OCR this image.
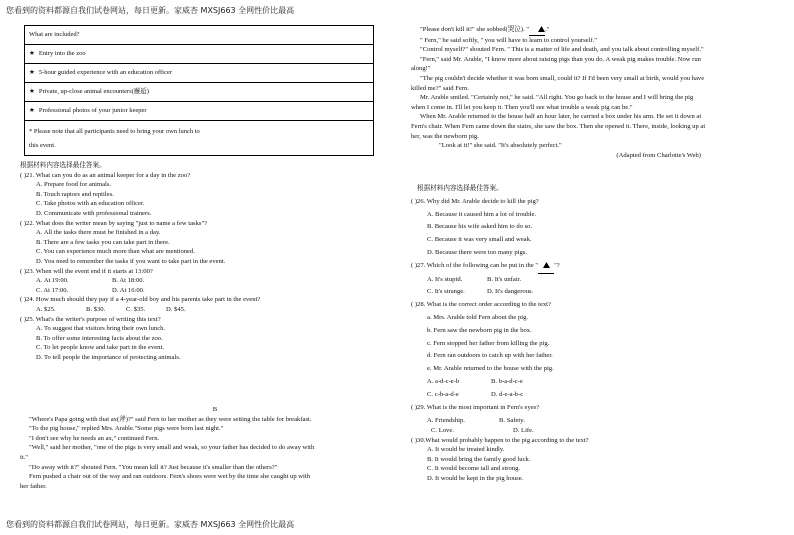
您看到的资料都源自我们试卷网站，每日更新。家威杏 MXSJ663 全网性价比最高
What are included?
★ Entry into the zoo
★ 5-hour guided experience with an education officer
★ Private, up-close animal encounters(邂逅)
★ Professional photos of your junior keeper
* Please note that all participants need to bring your own lunch to
this event.

根据材料内容选择最佳答案。

( )21. What can you do as an animal keeper for a day in the zoo?

A. Prepare food for animals.

B. Touch raptors and reptiles.

C. Take photos with an education officer.

D. Communicate with professional trainers.

( )22. What does the writer mean by saying "just to name a few tasks"?

A. All the tasks there must be finished in a day.

B. There are a few tasks you can take part in there.

C. You can experience much more than what are mentioned.

D. You need to remember the tasks if you want to take part in the event.

( )23. When will the event end if it starts at 13:00?

A. At 19:00.	B. At 18:00.

C. At 17:00.	D. At 16:00.

( )24. How much should they pay if a 4-year-old boy and his parents take part in the event?

A. $25.	B. $30.	C. $35.	D. $45.

( )25. What's the writer's purpose of writing this text?

A. To suggest that visitors bring their own lunch.

B. To offer some interesting facts about the zoo.

C. To let people know and take part in the event.

D. To tell people the importance of protecting animals.

B

"Where's Papa going with that ax(斧)?" said Fern to her mother as they were setting the table for breakfast.

"To the pig house," replied Mrs. Arable."Some pigs were born last night."

"I don't see why he needs an ax," continued Fern.

"Well," said her mother, "one of the pigs is very small and weak, so your father has decided to do away with

it."

"Do away with it?" shouted Fern. "You mean kill it? Just because it's smaller than the others?"

Fern pushed a chair out of the way and ran outdoors. Fern's shoes were wet by the time she caught up with

her father.

"Please don't kill it!" she sobbed(哭泣). " ."

" Fern," he said softly, " you will have to learn to control yourself."

"Control myself?" shouted Fern. " This is a matter of life and death, and you talk about controlling myself."

"Fern," said Mr. Arable, "I know more about raising pigs than you do. A weak pig makes trouble. Now run

along!"

"The pig couldn't decide whether it was born small, could it? If I'd been very small at birth, would you have

killed me?" said Fern.

Mr. Arable smiled. "Certainly not," he said. "All right. You go back to the house and I will bring the pig

when I come in. I'll let you keep it. Then you'll see what trouble a weak pig can be."

When Mr. Arable returned to the house half an hour later, he carried a box under his arm. He set it down at

Fern's chair. When Fern came down the stairs, she saw the box. Then she opened it. There, inside, looking up at

her, was the newborn pig.

"Look at it!" she said. "It's absolutely perfect."

(Adapted from Charlotte's Web)

根据材料内容选择最佳答案。

( )26. Why did Mr. Arable decide to kill the pig?

A. Because it caused him a lot of trouble.

B. Because his wife asked him to do so.

C. Because it was very small and weak.

D. Because there were too many pigs.

( )27. Which of the following can be put in the " "?

A. It's stupid.	B. It's unfair.

C. It's strange.	D. It's dangerous.

( )28. What is the correct order according to the text?

a. Mrs. Arable told Fern about the pig.

b. Fern saw the newborn pig in the box.

c. Fern stopped her father from killing the pig.

d. Fern ran outdoors to catch up with her father.

e. Mr. Arable returned to the house with the pig.

A. a-d-c-e-b	B. b-a-d-c-e

C. c-b-a-d-e	D. d-e-a-b-c

( )29. What is the most important in Fern's eyes?

A. Friendship.	B. Safety.

C. Love.	D. Life.

( )30.What would probably happen to the pig according to the text?

A. It would be treated kindly.

B. It would bring the family good luck.

C. It would become tall and strong.

D. It would be kept in the pig house.

您看到的资料都源自我们试卷网站，每日更新。家威杏 MXSJ663 全网性价比最高
